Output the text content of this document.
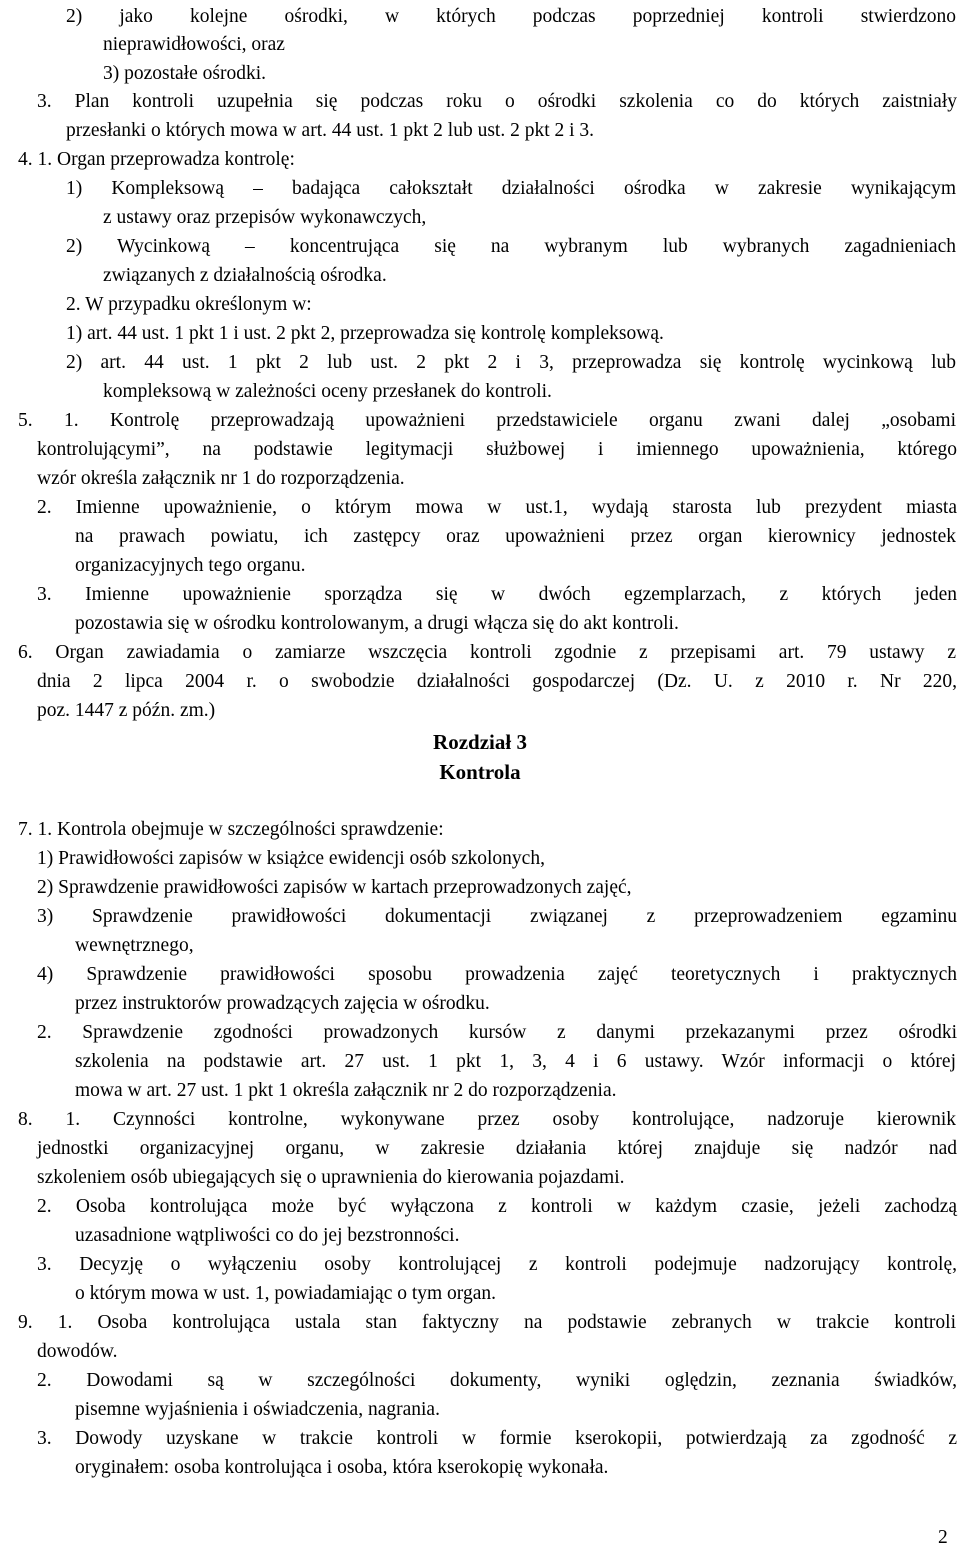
2) jako kolejne ośrodki, w których podczas poprzedniej kontroli stwierdzono
nieprawidłowości, oraz
3) pozostałe ośrodki.
3. Plan kontroli uzupełnia się podczas roku o ośrodki szkolenia co do których zaistniały
przesłanki o których mowa w art. 44 ust. 1 pkt 2 lub ust. 2 pkt 2 i 3.
4. 1. Organ przeprowadza kontrolę:
1) Kompleksową – badająca całokształt działalności ośrodka w zakresie wynikającym
z ustawy oraz przepisów wykonawczych,
2) Wycinkową – koncentrująca się na wybranym lub wybranych zagadnieniach
związanych z działalnością ośrodka.
2. W przypadku określonym w:
1) art. 44 ust. 1 pkt 1 i ust. 2 pkt 2, przeprowadza się kontrolę kompleksową.
2) art. 44 ust. 1 pkt 2 lub ust. 2 pkt 2 i 3, przeprowadza się kontrolę wycinkową lub
kompleksową w zależności oceny przesłanek do kontroli.
5. 1. Kontrolę przeprowadzają upoważnieni przedstawiciele organu zwani dalej „osobami
kontrolującymi”, na podstawie legitymacji służbowej i imiennego upoważnienia, którego
wzór określa załącznik nr 1 do rozporządzenia.
2. Imienne upoważnienie, o którym mowa w ust.1, wydają starosta lub prezydent miasta
na prawach powiatu, ich zastępcy oraz upoważnieni przez organ kierownicy jednostek
organizacyjnych tego organu.
3. Imienne upoważnienie sporządza się w dwóch egzemplarzach, z których jeden
pozostawia się w ośrodku kontrolowanym, a drugi włącza się do akt kontroli.
6. Organ zawiadamia o zamiarze wszczęcia kontroli zgodnie z przepisami art. 79 ustawy z
dnia 2 lipca 2004 r. o swobodzie działalności gospodarczej (Dz. U. z 2010 r. Nr 220,
poz. 1447 z późn. zm.)
7. 1. Kontrola obejmuje w szczególności sprawdzenie:
1) Prawidłowości zapisów w książce ewidencji osób szkolonych,
2) Sprawdzenie prawidłowości zapisów w kartach przeprowadzonych zajęć,
3) Sprawdzenie prawidłowości dokumentacji związanej z przeprowadzeniem egzaminu
wewnętrznego,
4) Sprawdzenie prawidłowości sposobu prowadzenia zajęć teoretycznych i praktycznych
przez instruktorów prowadzących zajęcia w ośrodku.
2. Sprawdzenie zgodności prowadzonych kursów z danymi przekazanymi przez ośrodki
szkolenia na podstawie art. 27 ust. 1 pkt 1, 3, 4 i 6 ustawy. Wzór informacji o której
mowa w art. 27 ust. 1 pkt 1 określa załącznik nr 2 do rozporządzenia.
8. 1. Czynności kontrolne, wykonywane przez osoby kontrolujące, nadzoruje kierownik
jednostki organizacyjnej organu, w zakresie działania której znajduje się nadzór nad
szkoleniem osób ubiegających się o uprawnienia do kierowania pojazdami.
2. Osoba kontrolująca może być wyłączona z kontroli w każdym czasie, jeżeli zachodzą
uzasadnione wątpliwości co do jej bezstronności.
3. Decyzję o wyłączeniu osoby kontrolującej z kontroli podejmuje nadzorujący kontrolę,
o którym mowa w ust. 1, powiadamiając o tym organ.
9. 1. Osoba kontrolująca ustala stan faktyczny na podstawie zebranych w trakcie kontroli
dowodów.
2. Dowodami są w szczególności dokumenty, wyniki oględzin, zeznania świadków,
pisemne wyjaśnienia i oświadczenia, nagrania.
3. Dowody uzyskane w trakcie kontroli w formie kserokopii, potwierdzają za zgodność z
oryginałem: osoba kontrolująca i osoba, która kserokopię wykonała.
Rozdział 3
Kontrola
2
